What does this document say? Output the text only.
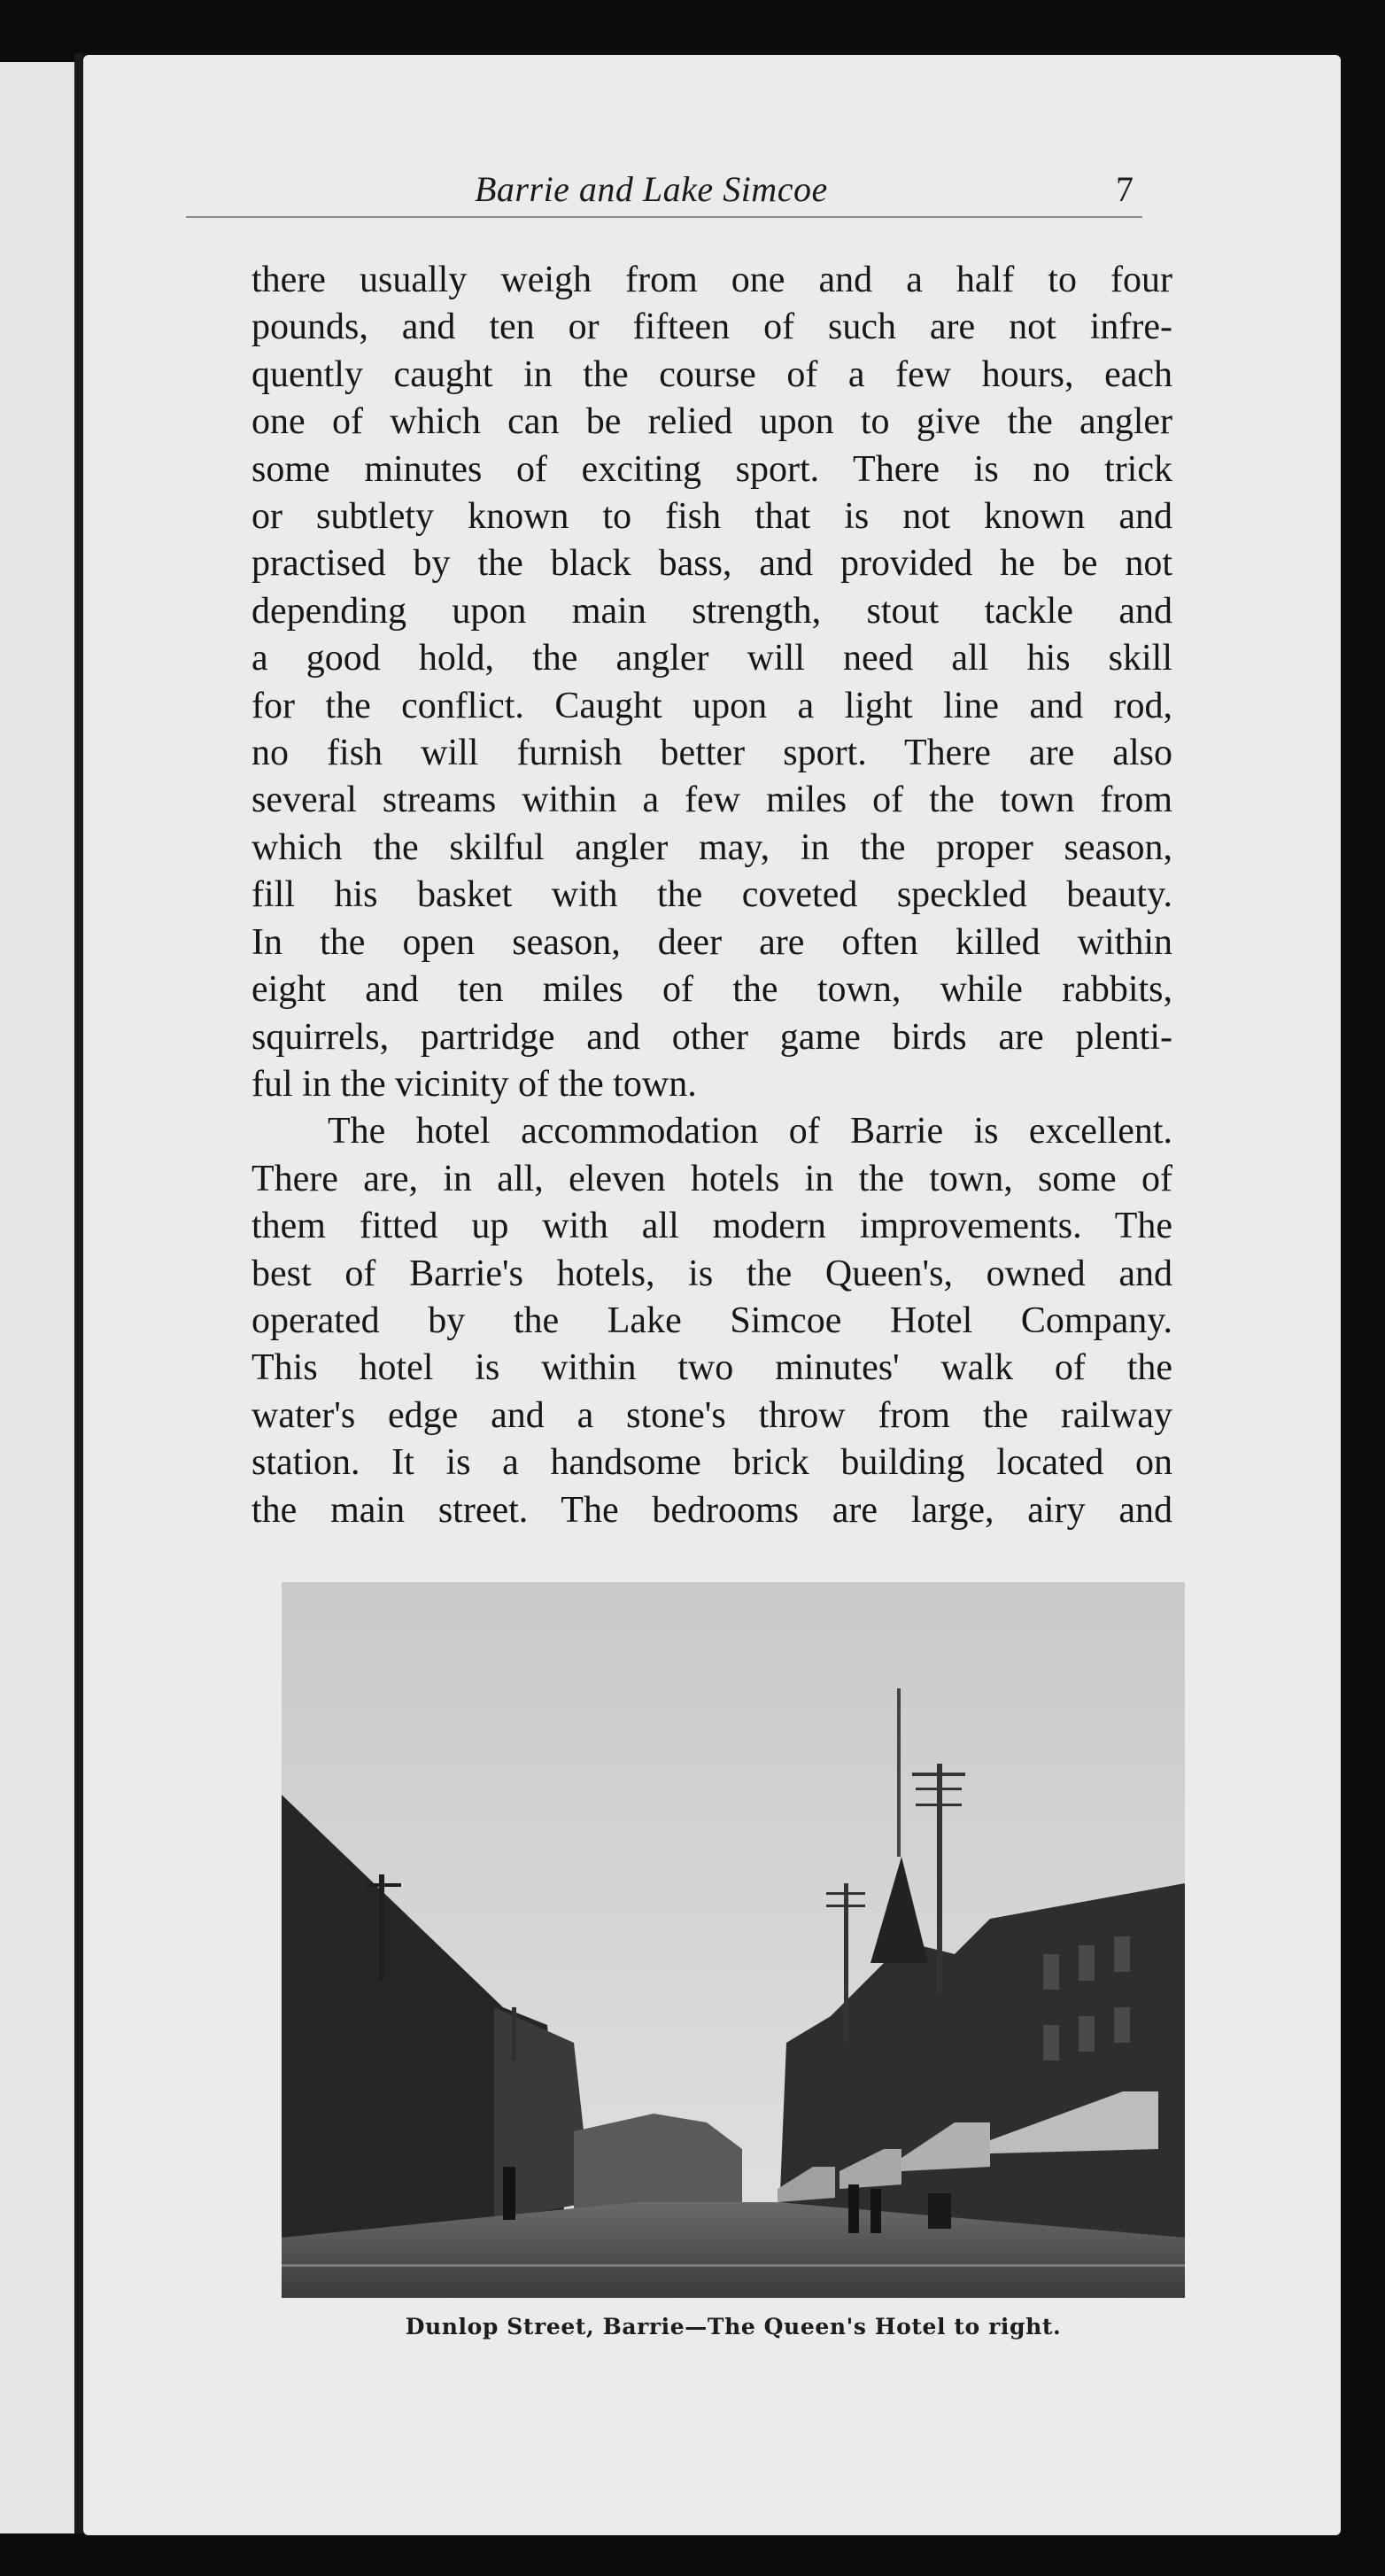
Barrie and Lake Simcoe	7
there usually weigh from one and a half to four
pounds, and ten or fifteen of such are not infre-
quently caught in the course of a few hours, each
one of which can be relied upon to give the angler
some minutes of exciting sport. There is no trick
or subtlety known to fish that is not known and
practised by the black bass, and provided he be not
depending upon main strength, stout tackle and
a good hold, the angler will need all his skill
for the conflict. Caught upon a light line and rod,
no fish will furnish better sport. There are also
several streams within a few miles of the town from
which the skilful angler may, in the proper season,
fill his basket with the coveted speckled beauty.
In the open season, deer are often killed within
eight and ten miles of the town, while rabbits,
squirrels, partridge and other game birds are plenti-
ful in the vicinity of the town.
The hotel accommodation of Barrie is excellent.
There are, in all, eleven hotels in the town, some of
them fitted up with all modern improvements. The
best of Barrie's hotels, is the Queen's, owned and
operated by the Lake Simcoe Hotel Company.
This hotel is within two minutes' walk of the
water's edge and a stone's throw from the railway
station. It is a handsome brick building located on
the main street. The bedrooms are large, airy and
Dunlop Street, Barrie—The Queen's Hotel to right.
